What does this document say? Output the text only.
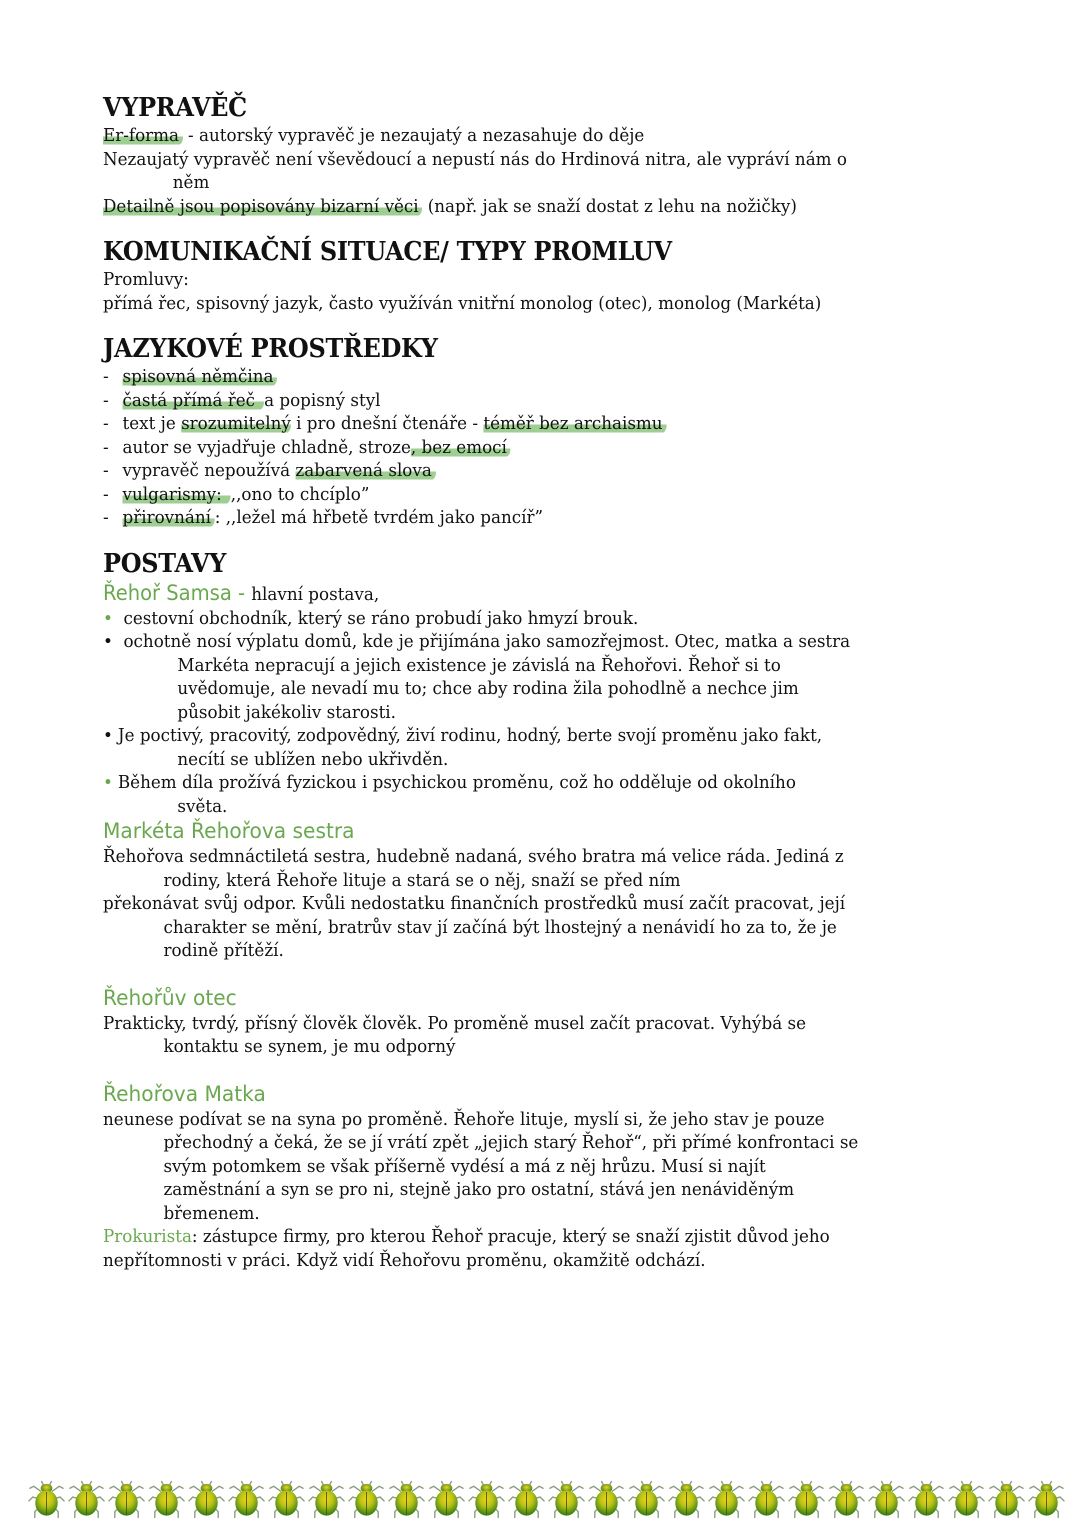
VYPRAVĚČ

Er-forma - autorský vypravěč je nezaujatý a nezasahuje do děje

Nezaujatý vypravěč není vševědoucí a nepustí nás do Hrdinová nitra, ale vypráví nám o

něm

Detailně jsou popisovány bizarní věci (např. jak se snaží dostat z lehu na nožičky)

KOMUNIKAČNÍ SITUACE/ TYPY PROMLUV

Promluvy:

přímá řec, spisovný jazyk, často využíván vnitřní monolog (otec), monolog (Markéta)

JAZYKOVÉ PROSTŘEDKY

- spisovná němčina

- častá přímá řeč a popisný styl

- text je srozumitelný i pro dnešní čtenáře - téměř bez archaismu

- autor se vyjadřuje chladně, stroze, bez emocí

- vypravěč nepoužívá zabarvená slova

- vulgarismy: ,,ono to chcíplo”

- přirovnání : ,,ležel má hřbetě tvrdém jako pancíř”

POSTAVY

Řehoř Samsa - hlavní postava,

• cestovní obchodník, který se ráno probudí jako hmyzí brouk.

• ochotně nosí výplatu domů, kde je přijímána jako samozřejmost. Otec, matka a sestra

Markéta nepracují a jejich existence je závislá na Řehořovi. Řehoř si to

uvědomuje, ale nevadí mu to; chce aby rodina žila pohodlně a nechce jim

působit jakékoliv starosti.

• Je poctivý, pracovitý, zodpovědný, živí rodinu, hodný, berte svojí proměnu jako fakt,

necítí se ublížen nebo ukřivděn.

• Během díla prožívá fyzickou i psychickou proměnu, což ho odděluje od okolního

světa.

Markéta Řehořova sestra

Řehořova sedmnáctiletá sestra, hudebně nadaná, svého bratra má velice ráda. Jediná z

rodiny, která Řehoře lituje a stará se o něj, snaží se před ním

překonávat svůj odpor. Kvůli nedostatku finančních prostředků musí začít pracovat, její

charakter se mění, bratrův stav jí začíná být lhostejný a nenávidí ho za to, že je

rodině přítěží.

Řehořův otec

Prakticky, tvrdý, přísný člověk člověk. Po proměně musel začít pracovat. Vyhýbá se

kontaktu se synem, je mu odporný

Řehořova Matka

neunese podívat se na syna po proměně. Řehoře lituje, myslí si, že jeho stav je pouze

přechodný a čeká, že se jí vrátí zpět „jejich starý Řehoř“, při přímé konfrontaci se

svým potomkem se však příšerně vydésí a má z něj hrůzu. Musí si najít

zaměstnání a syn se pro ni, stejně jako pro ostatní, stává jen nenáviděným

břemenem.

Prokurista: zástupce firmy, pro kterou Řehoř pracuje, který se snaží zjistit důvod jeho

nepřítomnosti v práci. Když vidí Řehořovu proměnu, okamžitě odchází.
